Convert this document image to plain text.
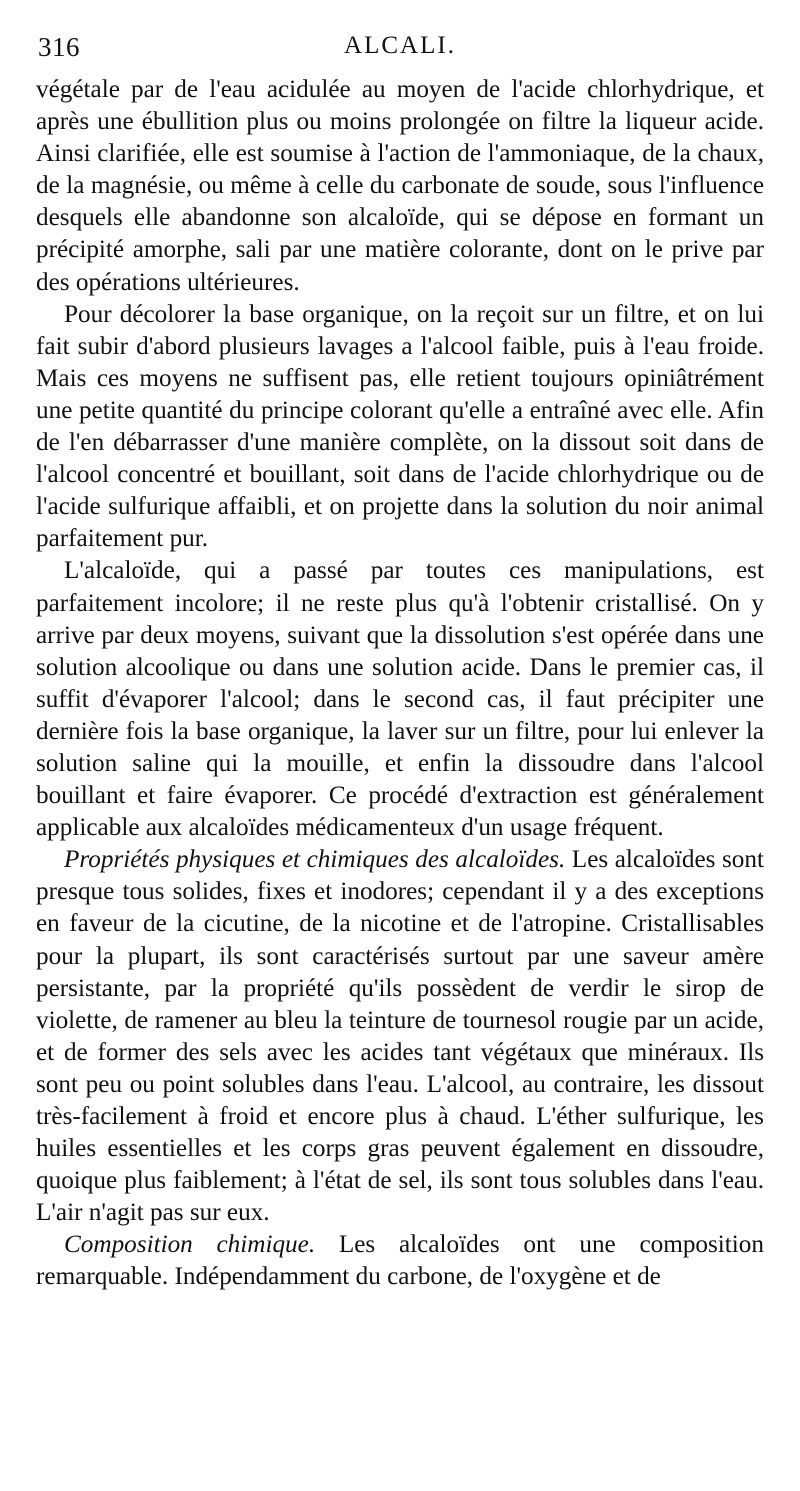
316	ALCALI.

végétale par de l'eau acidulée au moyen de l'acide chlorhydrique, et après une ébullition plus ou moins prolongée on filtre la liqueur acide. Ainsi clarifiée, elle est soumise à l'action de l'ammoniaque, de la chaux, de la magnésie, ou même à celle du carbonate de soude, sous l'influence desquels elle abandonne son alcaloïde, qui se dépose en formant un précipité amorphe, sali par une matière colorante, dont on le prive par des opérations ultérieures.

Pour décolorer la base organique, on la reçoit sur un filtre, et on lui fait subir d'abord plusieurs lavages a l'alcool faible, puis à l'eau froide. Mais ces moyens ne suffisent pas, elle retient toujours opiniâtrément une petite quantité du principe colorant qu'elle a entraîné avec elle. Afin de l'en débarrasser d'une manière complète, on la dissout soit dans de l'alcool concentré et bouillant, soit dans de l'acide chlorhydrique ou de l'acide sulfurique affaibli, et on projette dans la solution du noir animal parfaitement pur.

L'alcaloïde, qui a passé par toutes ces manipulations, est parfaitement incolore; il ne reste plus qu'à l'obtenir cristallisé. On y arrive par deux moyens, suivant que la dissolution s'est opérée dans une solution alcoolique ou dans une solution acide. Dans le premier cas, il suffit d'évaporer l'alcool; dans le second cas, il faut précipiter une dernière fois la base organique, la laver sur un filtre, pour lui enlever la solution saline qui la mouille, et enfin la dissoudre dans l'alcool bouillant et faire évaporer. Ce procédé d'extraction est généralement applicable aux alcaloïdes médicamenteux d'un usage fréquent.

Propriétés physiques et chimiques des alcaloïdes. Les alcaloïdes sont presque tous solides, fixes et inodores; cependant il y a des exceptions en faveur de la cicutine, de la nicotine et de l'atropine. Cristallisables pour la plupart, ils sont caractérisés surtout par une saveur amère persistante, par la propriété qu'ils possèdent de verdir le sirop de violette, de ramener au bleu la teinture de tournesol rougie par un acide, et de former des sels avec les acides tant végétaux que minéraux. Ils sont peu ou point solubles dans l'eau. L'alcool, au contraire, les dissout très-facilement à froid et encore plus à chaud. L'éther sulfurique, les huiles essentielles et les corps gras peuvent également en dissoudre, quoique plus faiblement; à l'état de sel, ils sont tous solubles dans l'eau. L'air n'agit pas sur eux.

Composition chimique. Les alcaloïdes ont une composition remarquable. Indépendamment du carbone, de l'oxygène et de
